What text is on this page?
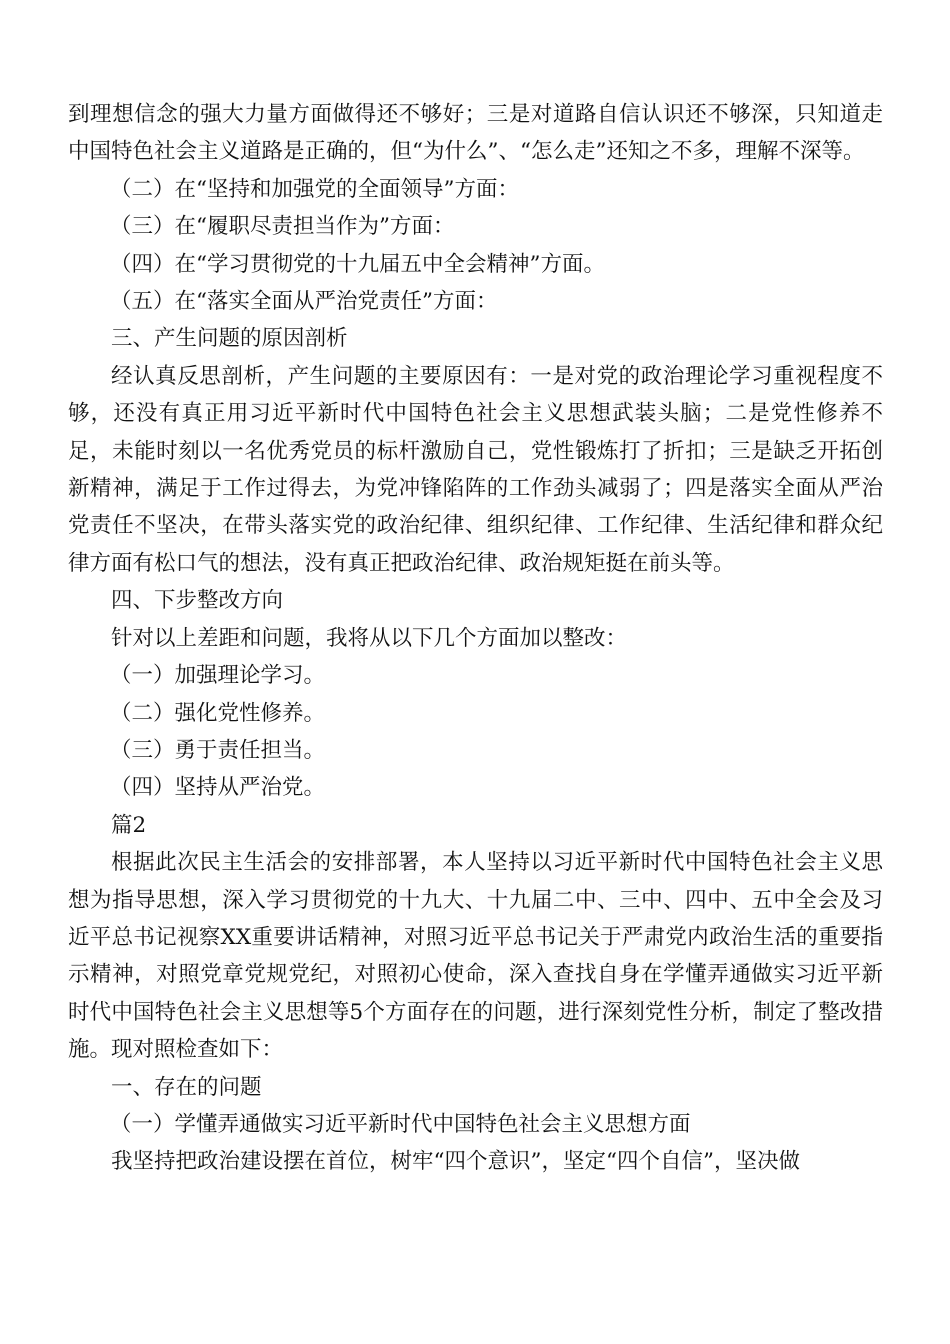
到理想信念的强大力量方面做得还不够好；三是对道路自信认识还不够深，只知道走中国特色社会主义道路是正确的，但“为什么”、“怎么走”还知之不多，理解不深等。

（二）在“坚持和加强党的全面领导”方面：

（三）在“履职尽责担当作为”方面：

（四）在“学习贯彻党的十九届五中全会精神”方面。

（五）在“落实全面从严治党责任”方面：

三、产生问题的原因剖析

经认真反思剖析，产生问题的主要原因有：一是对党的政治理论学习重视程度不够，还没有真正用习近平新时代中国特色社会主义思想武装头脑；二是党性修养不足，未能时刻以一名优秀党员的标杆激励自己，党性锻炼打了折扣；三是缺乏开拓创新精神，满足于工作过得去，为党冲锋陷阵的工作劲头减弱了；四是落实全面从严治党责任不坚决，在带头落实党的政治纪律、组织纪律、工作纪律、生活纪律和群众纪律方面有松口气的想法，没有真正把政治纪律、政治规矩挺在前头等。

四、下步整改方向

针对以上差距和问题，我将从以下几个方面加以整改：

（一）加强理论学习。

（二）强化党性修养。

（三）勇于责任担当。

（四）坚持从严治党。

篇2

根据此次民主生活会的安排部署，本人坚持以习近平新时代中国特色社会主义思想为指导思想，深入学习贯彻党的十九大、十九届二中、三中、四中、五中全会及习近平总书记视察XX重要讲话精神，对照习近平总书记关于严肃党内政治生活的重要指示精神，对照党章党规党纪，对照初心使命，深入查找自身在学懂弄通做实习近平新时代中国特色社会主义思想等5个方面存在的问题，进行深刻党性分析，制定了整改措施。现对照检查如下：

一、存在的问题

（一）学懂弄通做实习近平新时代中国特色社会主义思想方面

我坚持把政治建设摆在首位，树牢“四个意识”，坚定“四个自信”，坚决做
